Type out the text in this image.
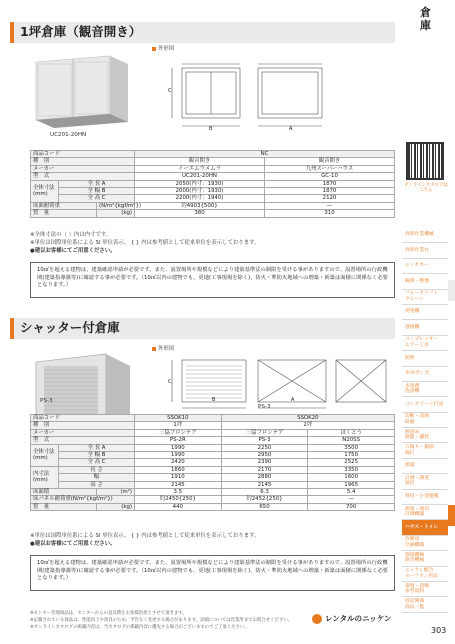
倉庫
オンラインカタログはこちら
高所作業機械
高所作業台
レンタカー
掘削・整地
フォークリフト
クレーン
発電機
溶接機
コンプレッサー
エアー工具
照明
水中ポンプ
水処理
洗浄機
コンクリート打設
切断・切削
研磨
締固め
路盤・舗装
穴掘り・掘削
線打
測量
計測・調査
通信
荷役・小型運搬
測量・通信
計測機器
ハウス・トイレ
冷暖房
空調機器
環境機械
除雪機械
ニッケン総合
セーフティ用品
環境・資格
参考資料
特記関係
商品一覧
1坪倉庫（観音開き）
UC201-20HN
外形図
C
B	A
商品コード			NC	
種　別			観音開き	観音開き
メーカー			イーエムウメムラ	九州スーパーハウス
型　式			UC201-20HN	GC-10
全体寸法
(mm)	全 長 A		2050(内寸：1930)	1870
	全 幅 B		2000(内寸：1930)	1870
	全 高 C		2200(内寸：1940)	2120
床面耐荷重		(N/m²{kgf/m²})	約4903{500}	—
質　量		(kg)	380	310
※全体寸法の（ ）内は内寸です。
※単位は国際単位系による SI 単位表示。 { } 内は参考値として従来単位を表示しております。
●建以お客様にてご用意ください。
10㎡を超える建物は、建築確認申請が必要です。また、設置場所や規模などにより建築基準法の制限を受ける事がありますので、設置場所の行政機関(建築指導課等)に確認する事が必要です。（10㎡以内の建物でも、更地(工事現場を除く)、防火・準防火地域への増築・新築は面積に関係なく必要となります。）
シャッター付倉庫
PS-3
外形図
C
B	A
PS-3
商品コード			SSOK10	SSOK20	
種　別			1坪	2坪	
メーカー			三協フロンテア	三協フロンテア	ほくとう
型　式			PS-2R	PS-3	N20SS
全体寸法
(mm)	全 長 A		1990	2250	3500
	全 幅 B		1990	2950	1750
	全 高 C		2420	2390	2525
内寸法
(mm)	長 さ		1860	2170	3350
	幅		1910	2880	1600
	高 さ		2145	2145	1965
床面積		(m²)	3.5	6.3	5.4
床パネル耐荷重(N/m²{kgf/m²})			約2450{250}	約2452{250}	—
質　量		(kg)	440	650	700
※単位は国際単位系による SI 単位表示。 { } 内は参考値として従来単位を表示しております。
●建以お客様にてご用意ください。
10㎡を超える建物は、建築確認申請が必要です。また、設置場所や規模などにより建築基準法の制限を受ける事がありますので、設置場所の行政機関(建築指導課等)に確認する事が必要です。（10㎡以内の建物でも、更地(工事現場を除く)、防火・準防火地域への増築・新築は面積に関係なく必要となります。）
※センター管理商品は、センターからの直送費をお客様負担とさせて頂きます。
※記載されている商品は、性能向上や改良のため、予告なく変更する場合があります。詳細については営業所までお問合せください。
※オンラインカタログの掲載内容は、当カタログの掲載内容に優先する場合がございますのでご了承ください。
レンタルのニッケン
303
